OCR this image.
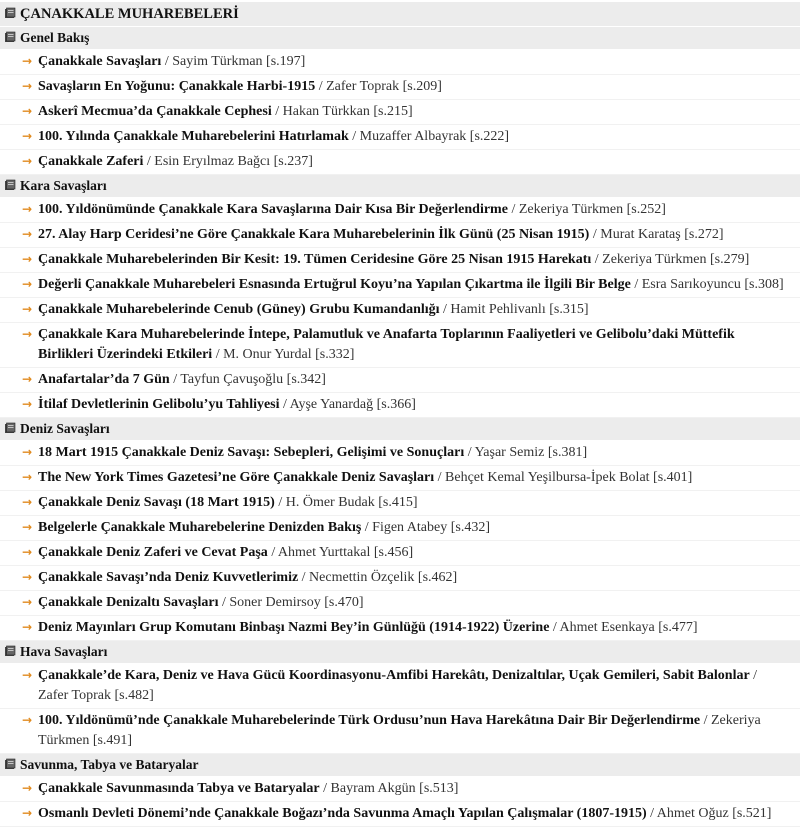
ÇANAKKALE MUHAREBELERİ
Genel Bakış
→ Çanakkale Savaşları / Sayim Türkman [s.197]
→ Savaşların En Yoğunu: Çanakkale Harbi-1915 / Zafer Toprak [s.209]
→ Askerî Mecmua’da Çanakkale Cephesi / Hakan Türkkan [s.215]
→ 100. Yılında Çanakkale Muharebelerini Hatırlamak / Muzaffer Albayrak [s.222]
→ Çanakkale Zaferi / Esin Eryılmaz Bağcı [s.237]
Kara Savaşları
→ 100. Yıldönümünde Çanakkale Kara Savaşlarına Dair Kısa Bir Değerlendirme / Zekeriya Türkmen [s.252]
→ 27. Alay Harp Ceridesi’ne Göre Çanakkale Kara Muharebelerinin İlk Günü (25 Nisan 1915) / Murat Karataş [s.272]
→ Çanakkale Muharebelerinden Bir Kesit: 19. Tümen Ceridesine Göre 25 Nisan 1915 Harekatı / Zekeriya Türkmen [s.279]
→ Değerli Çanakkale Muharebeleri Esnasında Ertuğrul Koyu’na Yapılan Çıkartma ile İlgili Bir Belge / Esra Sarıkoyuncu [s.308]
→ Çanakkale Muharebelerinde Cenub (Güney) Grubu Kumandanlığı / Hamit Pehlivanlı [s.315]
→ Çanakkale Kara Muharebelerinde İntepe, Palamutluk ve Anafarta Toplarının Faaliyetleri ve Gelibolu’daki Müttefik Birlikleri Üzerindeki Etkileri / M. Onur Yurdal [s.332]
→ Anafartalar’da 7 Gün / Tayfun Çavuşoğlu [s.342]
→ İtilaf Devletlerinin Gelibolu’yu Tahliyesi / Ayşe Yanardağ [s.366]
Deniz Savaşları
→ 18 Mart 1915 Çanakkale Deniz Savaşı: Sebepleri, Gelişimi ve Sonuçları / Yaşar Semiz [s.381]
→ The New York Times Gazetesi’ne Göre Çanakkale Deniz Savaşları / Behçet Kemal Yeşilbursa-İpek Bolat [s.401]
→ Çanakkale Deniz Savaşı (18 Mart 1915) / H. Ömer Budak [s.415]
→ Belgelerle Çanakkale Muharebelerine Denizden Bakış / Figen Atabey [s.432]
→ Çanakkale Deniz Zaferi ve Cevat Paşa / Ahmet Yurttakal [s.456]
→ Çanakkale Savaşı’nda Deniz Kuvvetlerimiz / Necmettin Özçelik [s.462]
→ Çanakkale Denizaltı Savaşları / Soner Demirsoy [s.470]
→ Deniz Mayınları Grup Komutanı Binbaşı Nazmi Bey’in Günlüğü (1914-1922) Üzerine / Ahmet Esenkaya [s.477]
Hava Savaşları
→ Çanakkale’de Kara, Deniz ve Hava Gücü Koordinasyonu-Amfibi Harekâtı, Denizaltılar, Uçak Gemileri, Sabit Balonlar / Zafer Toprak [s.482]
→ 100. Yıldönümü’nde Çanakkale Muharebelerinde Türk Ordusu’nun Hava Harekâtına Dair Bir Değerlendirme / Zekeriya Türkmen [s.491]
Savunma, Tabya ve Bataryalar
→ Çanakkale Savunmasında Tabya ve Bataryalar / Bayram Akgün [s.513]
→ Osmanlı Devleti Dönemi’nde Çanakkale Boğazı’nda Savunma Amaçlı Yapılan Çalışmalar (1807-1915) / Ahmet Oğuz [s.521]
